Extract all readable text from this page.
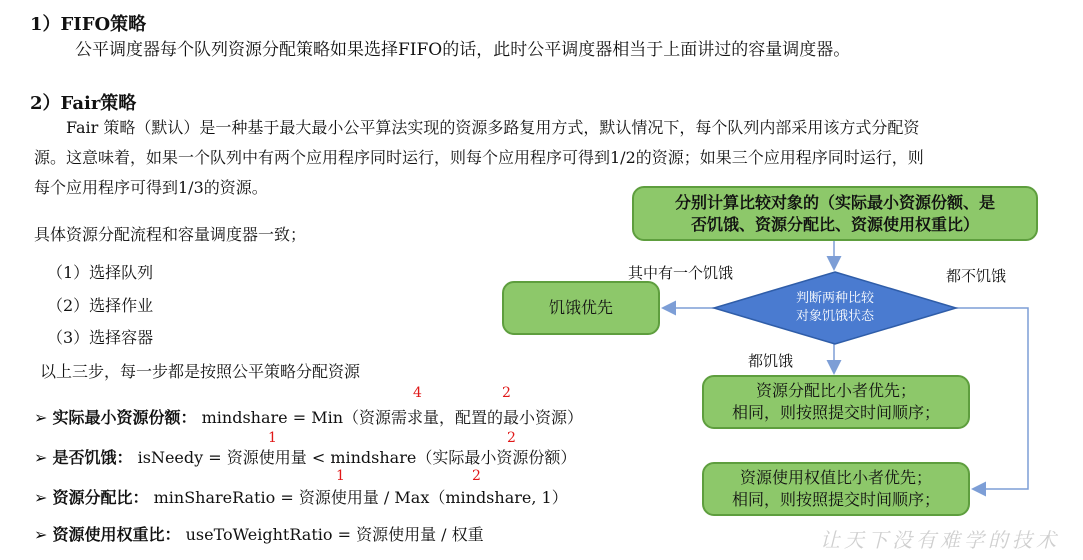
1）FIFO策略
公平调度器每个队列资源分配策略如果选择FIFO的话，此时公平调度器相当于上面讲过的容量调度器。
2）Fair策略
Fair 策略（默认）是一种基于最大最小公平算法实现的资源多路复用方式，默认情况下，每个队列内部采用该方式分配资
源。这意味着，如果一个队列中有两个应用程序同时运行，则每个应用程序可得到1/2的资源；如果三个应用程序同时运行，则
每个应用程序可得到1/3的资源。
具体资源分配流程和容量调度器一致；
（1）选择队列
（2）选择作业
（3）选择容器
以上三步，每一步都是按照公平策略分配资源
➢ 实际最小资源份额： mindshare = Min（资源需求量，配置的最小资源）
4	2
➢ 是否饥饿： isNeedy = 资源使用量 < mindshare（实际最小资源份额）
1	2
➢ 资源分配比： minShareRatio = 资源使用量 / Max（mindshare, 1）
1	2
➢ 资源使用权重比： useToWeightRatio = 资源使用量 / 权重
分别计算比较对象的（实际最小资源份额、是
否饥饿、资源分配比、资源使用权重比）
判断两种比较
对象饥饿状态
饥饿优先
其中有一个饥饿	都不饥饿
都饥饿
资源分配比小者优先；
相同，则按照提交时间顺序；
资源使用权值比小者优先；
相同，则按照提交时间顺序；
让天下没有难学的技术
